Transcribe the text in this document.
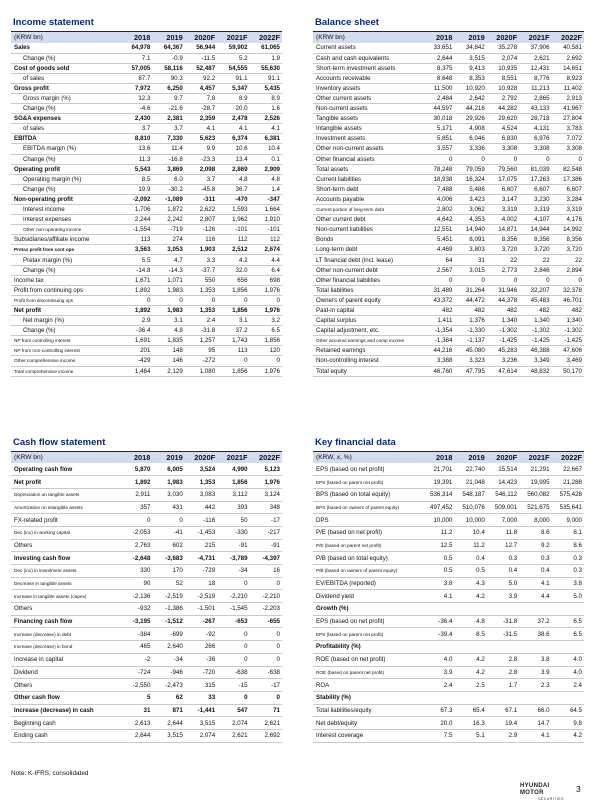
Income statement
(KRW bn)	2018	2019	2020F	2021F	2022F
Sales	64,978	64,367	56,944	59,902	61,065
Change (%)	7.1	-0.9	-11.5	5.2	1.9
Cost of goods sold	57,005	58,116	52,487	54,555	55,630
of sales	87.7	90.3	92.2	91.1	91.1
Gross profit	7,972	6,250	4,457	5,347	5,435
Gross margin (%)	12.3	9.7	7.8	8.9	8.9
Change (%)	-4.6	-21.6	-28.7	20.0	1.6
SG&A expenses	2,430	2,381	2,359	2,478	2,526
of sales	3.7	3.7	4.1	4.1	4.1
EBITDA	8,810	7,330	5,623	6,374	6,381
EBITDA margin (%)	13.6	11.4	9.9	10.6	10.4
Change (%)	11.3	-16.8	-23.3	13.4	0.1
Operating profit	5,543	3,869	2,098	2,869	2,909
Operating margin (%)	8.5	6.0	3.7	4.8	4.8
Change (%)	19.9	-30.2	-45.8	36.7	1.4
Non-operating profit	-2,092	-1,089	-311	-470	-347
Interest income	1,706	1,872	2,622	1,593	1,664
Interest expenses	2,244	2,242	2,807	1,962	1,910
Other non-operating income	-1,554	-719	-126	-101	-101
Subsidiaries/affiliate income	113	274	116	112	112
Pretax profit from cont ops	3,563	3,053	1,903	2,512	2,674
Pretax margin (%)	5.5	4.7	3.3	4.2	4.4
Change (%)	-14.8	-14.3	-37.7	32.0	6.4
Income tax	1,671	1,071	550	656	698
Profit from continuing ops	1,892	1,983	1,353	1,856	1,976
Profit from discontinuing ops	0	0	0	0	0
Net profit	1,892	1,983	1,353	1,856	1,976
Net margin (%)	2.9	3.1	2.4	3.1	3.2
Change (%)	-36.4	4.8	-31.8	37.2	6.5
NP from controlling interest	1,691	1,835	1,257	1,743	1,856
NP from non-controlling interest	201	148	95	113	120
Other comprehensive income	-429	146	-272	0	0
Total comprehensive income	1,464	2,129	1,080	1,856	1,976
Balance sheet
(KRW bn)	2018	2019	2020F	2021F	2022F
Current assets	33,651	34,842	35,278	37,906	40,581
Cash and cash equivalents	2,644	3,515	2,074	2,621	2,692
Short-term investment assets	8,375	9,413	10,935	12,431	14,651
Accounts receivable	8,648	8,353	8,551	8,776	8,923
Inventory assets	11,500	10,920	10,928	11,213	11,402
Other current assets	2,484	2,642	2,792	2,865	2,913
Non-current assets	44,597	44,216	44,282	43,133	41,967
Tangible assets	30,018	29,926	29,620	28,718	27,804
Intangible assets	5,171	4,908	4,524	4,131	3,783
Investment assets	5,851	6,046	6,830	6,976	7,072
Other non-current assets	3,557	3,336	3,308	3,308	3,308
Other financial assets	0	0	0	0	0
Total assets	78,248	79,059	79,560	81,039	82,548
Current liabilities	18,938	16,324	17,075	17,263	17,386
Short-term debt	7,488	5,486	6,607	6,607	6,607
Accounts payable	4,006	3,423	3,147	3,230	3,284
Current portion of long-term debt	2,802	3,062	3,319	3,319	3,319
Other current debt	4,642	4,353	4,002	4,107	4,176
Non-current liabilities	12,551	14,940	14,871	14,944	14,992
Bonds	5,451	8,091	8,356	8,356	8,356
Long-term debt	4,469	3,803	3,720	3,720	3,720
LT financial debt (incl. lease)	64	31	22	22	22
Other non-current debt	2,567	3,015	2,773	2,846	2,894
Other financial liabilities	0	0	0	0	0
Total liabilities	31,489	31,264	31,946	32,207	32,378
Owners of parent equity	43,372	44,472	44,378	45,483	46,701
Paid-in capital	482	482	482	482	482
Capital surplus	1,411	1,376	1,340	1,340	1,340
Capital adjustment, etc.	-1,354	-1,330	-1,302	-1,302	-1,302
Other accumul earnings and comp income	-1,384	-1,137	-1,425	-1,425	-1,425
Retained earnings	44,216	45,080	45,283	46,388	47,606
Non-controlling interest	3,388	3,323	3,236	3,349	3,469
Total equity	46,760	47,795	47,614	48,832	50,170
Cash flow statement
(KRW bn)	2018	2019	2020F	2021F	2022F
Operating cash flow	5,870	6,005	3,524	4,990	5,123
Net profit	1,892	1,983	1,353	1,856	1,976
Depreciation on tangible assets	2,911	3,030	3,083	3,112	3,124
Amortization on intangible assets	357	431	442	393	348
FX-related profit	0	0	-116	50	-17
Dec (inc) in working capital	-2,053	-41	-1,453	-330	-217
Others	2,763	602	215	-91	-91
Investing cash flow	-2,648	-3,683	-4,731	-3,789	-4,397
Dec (inc) in investment assets	330	170	-729	-34	16
Decrease in tangible assets	90	52	18	0	0
Increase in tangible assets (capex)	-2,136	-2,519	-2,519	-2,210	-2,210
Others	-932	-1,386	-1,501	-1,545	-2,203
Financing cash flow	-3,195	-1,512	-267	-653	-655
Increase (decrease) in debt	-384	-699	-92	0	0
Increase (decrease) in bond	465	2,640	266	0	0
Increase in capital	-2	-34	-36	0	0
Dividend	-724	-946	-720	-638	-638
Others	-2,550	-2,473	315	-15	-17
Other cash flow	5	62	33	0	0
Increase (decrease) in cash	31	871	-1,441	547	71
Beginning cash	2,613	2,644	3,515	2,074	2,621
Ending cash	2,644	3,515	2,074	2,621	2,692
Key financial data
(KRW, x, %)	2018	2019	2020F	2021F	2022F
EPS (based on net profit)	21,701	22,740	15,514	21,291	22,667
EPS (based on parent net profit)	19,391	21,048	14,423	19,995	21,288
BPS (based on total equity)	536,314	548,187	546,112	560,082	575,428
BPS (based on owners of parent equity)	497,452	510,076	509,001	521,675	535,641
DPS	10,000	10,000	7,000	8,000	9,000
P/E (based on net profit)	11.2	10.4	11.8	8.6	8.1
P/E (based on parent net profit)	12.5	11.2	12.7	9.2	8.6
P/B (based on total equity)	0.5	0.4	0.3	0.3	0.3
P/B (based on owners of parent equity)	0.5	0.5	0.4	0.4	0.3
EV/EBITDA (reported)	3.8	4.3	5.0	4.1	3.8
Dividend yield	4.1	4.2	3.9	4.4	5.0
Growth (%)					
EPS (based on net profit)	-36.4	4.8	-31.8	37.2	6.5
EPS (based on parent net profit)	-39.4	8.5	-31.5	38.6	6.5
Profitability (%)					
ROE (based on net profit)	4.0	4.2	2.8	3.8	4.0
ROE (based on parent net profit)	3.9	4.2	2.8	3.9	4.0
ROA	2.4	2.5	1.7	2.3	2.4
Stability (%)					
Total liabilities/equity	67.3	65.4	67.1	66.0	64.5
Net debt/equity	20.0	16.3	19.4	14.7	9.8
Interest coverage	7.5	5.1	2.9	4.1	4.2
Note: K-IFRS, consolidated
HYUNDAI MOTOR
SECURITIES
3
